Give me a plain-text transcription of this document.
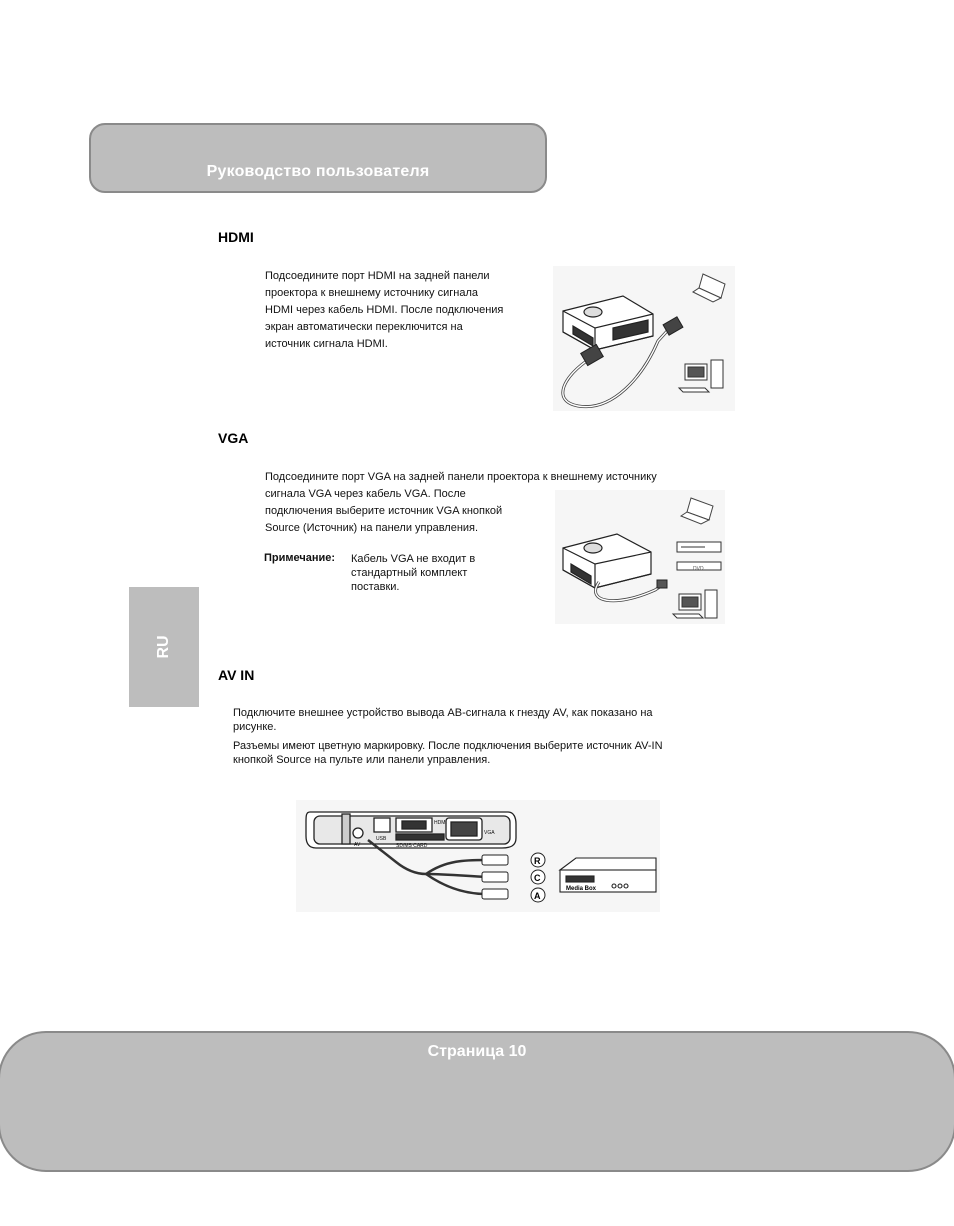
Руководство пользователя
RU
HDMI

Подсоедините порт HDMI на задней панели
проектора к внешнему источнику сигнала
HDMI через кабель HDMI. После подключения
экран автоматически переключится на
источник сигнала HDMI.

VGA

Подсоедините порт VGA на задней панели проектора к внешнему источнику
сигнала VGA через кабель VGA. После
подключения выберите источник VGA кнопкой
Source (Источник) на панели управления.

Примечание: Кабель VGA не входит в стандартный комплект поставки.
DVD
AV IN

Подключите внешнее устройство вывода АВ-сигнала к гнезду AV, как показано на
рисунке.

Разъемы имеют цветную маркировку. После подключения выберите источник AV-IN
кнопкой Source на пульте или панели управления.

USB
SD/MS CARD
HDMI
VGA
AV
R
C
A
Media Box
Страница 10
